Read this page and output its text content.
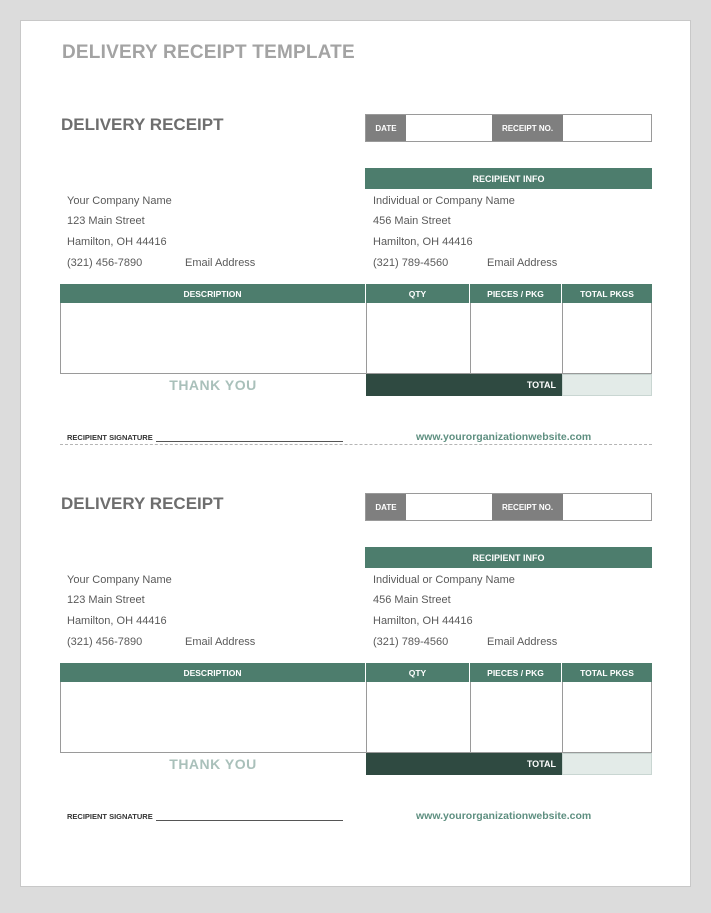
DELIVERY RECEIPT TEMPLATE
DELIVERY RECEIPT	DATE	RECEIPT NO.
RECIPIENT INFO
Your Company Name
123 Main Street
Hamilton, OH 44416
(321) 456-7890	Email Address
Individual or Company Name
456 Main Street
Hamilton, OH 44416
(321) 789-4560	Email Address
DESCRIPTION	QTY	PIECES / PKG	TOTAL PKGS
THANK YOU	TOTAL
RECIPIENT SIGNATURE	www.yourorganizationwebsite.com
DELIVERY RECEIPT	DATE	RECEIPT NO.
RECIPIENT INFO
Your Company Name
123 Main Street
Hamilton, OH 44416
(321) 456-7890	Email Address
Individual or Company Name
456 Main Street
Hamilton, OH 44416
(321) 789-4560	Email Address
DESCRIPTION	QTY	PIECES / PKG	TOTAL PKGS
THANK YOU	TOTAL
RECIPIENT SIGNATURE	www.yourorganizationwebsite.com
